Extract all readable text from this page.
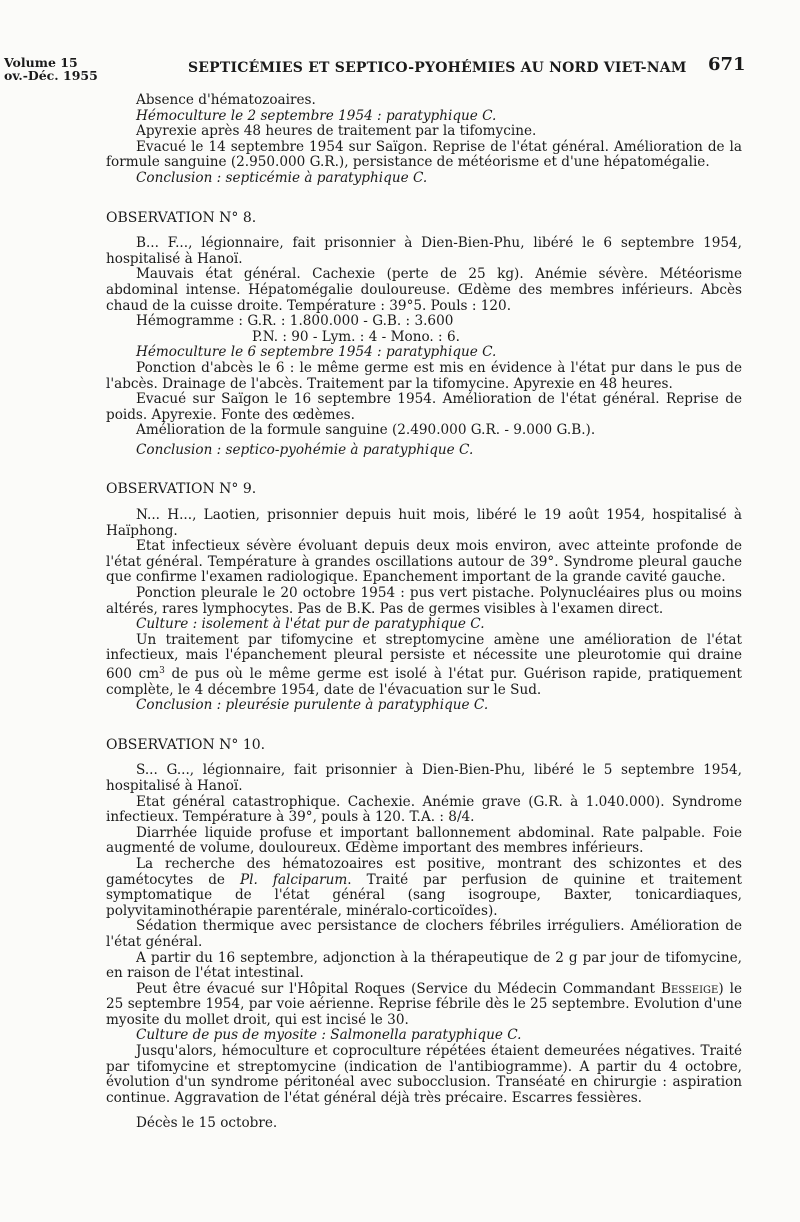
Volume 15
ov.-Déc. 1955	SEPTICÉMIES ET SEPTICO-PYOHÉMIES AU NORD VIET-NAM 671

Absence d'hématozoaires.

Hémoculture le 2 septembre 1954 : paratyphique C.

Apyrexie après 48 heures de traitement par la tifomycine.

Evacué le 14 septembre 1954 sur Saïgon. Reprise de l'état général. Amélioration de la formule sanguine (2.950.000 G.R.), persistance de météorisme et d'une hépatomégalie.

Conclusion : septicémie à paratyphique C.

OBSERVATION N° 8.

B... F..., légionnaire, fait prisonnier à Dien-Bien-Phu, libéré le 6 septembre 1954, hospitalisé à Hanoï.

Mauvais état général. Cachexie (perte de 25 kg). Anémie sévère. Météorisme abdominal intense. Hépatomégalie douloureuse. Œdème des membres inférieurs. Abcès chaud de la cuisse droite. Température : 39°5. Pouls : 120.

Hémogramme : G.R. : 1.800.000 - G.B. : 3.600

P.N. : 90 - Lym. : 4 - Mono. : 6.

Hémoculture le 6 septembre 1954 : paratyphique C.

Ponction d'abcès le 6 : le même germe est mis en évidence à l'état pur dans le pus de l'abcès. Drainage de l'abcès. Traitement par la tifomycine. Apyrexie en 48 heures.

Evacué sur Saïgon le 16 septembre 1954. Amélioration de l'état général. Reprise de poids. Apyrexie. Fonte des œdèmes.

Amélioration de la formule sanguine (2.490.000 G.R. - 9.000 G.B.).

Conclusion : septico-pyohémie à paratyphique C.

OBSERVATION N° 9.

N... H..., Laotien, prisonnier depuis huit mois, libéré le 19 août 1954, hospitalisé à Haïphong.

Etat infectieux sévère évoluant depuis deux mois environ, avec atteinte profonde de l'état général. Température à grandes oscillations autour de 39°. Syndrome pleural gauche que confirme l'examen radiologique. Epanchement important de la grande cavité gauche.

Ponction pleurale le 20 octobre 1954 : pus vert pistache. Polynucléaires plus ou moins altérés, rares lymphocytes. Pas de B.K. Pas de germes visibles à l'examen direct.

Culture : isolement à l'état pur de paratyphique C.

Un traitement par tifomycine et streptomycine amène une amélioration de l'état infectieux, mais l'épanchement pleural persiste et nécessite une pleurotomie qui draine 600 $cm^3$ de pus où le même germe est isolé à l'état pur. Guérison rapide, pratiquement complète, le 4 décembre 1954, date de l'évacuation sur le Sud.

Conclusion : pleurésie purulente à paratyphique C.

OBSERVATION N° 10.

S... G..., légionnaire, fait prisonnier à Dien-Bien-Phu, libéré le 5 septembre 1954, hospitalisé à Hanoï.

Etat général catastrophique. Cachexie. Anémie grave (G.R. à 1.040.000). Syndrome infectieux. Température à 39°, pouls à 120. T.A. : 8/4.

Diarrhée liquide profuse et important ballonnement abdominal. Rate palpable. Foie augmenté de volume, douloureux. Œdème important des membres inférieurs.

La recherche des hématozoaires est positive, montrant des schizontes et des gamétocytes de Pl. falciparum. Traité par perfusion de quinine et traitement symptomatique de l'état général (sang isogroupe, Baxter, tonicardiaques, polyvitaminothérapie parentérale, minéralo-corticoïdes).

Sédation thermique avec persistance de clochers fébriles irréguliers. Amélioration de l'état général.

A partir du 16 septembre, adjonction à la thérapeutique de 2 g par jour de tifomycine, en raison de l'état intestinal.

Peut être évacué sur l'Hôpital Roques (Service du Médecin Commandant Besseige) le 25 septembre 1954, par voie aérienne. Reprise fébrile dès le 25 septembre. Evolution d'une myosite du mollet droit, qui est incisé le 30.

Culture de pus de myosite : Salmonella paratyphique C.

Jusqu'alors, hémoculture et coproculture répétées étaient demeurées négatives. Traité par tifomycine et streptomycine (indication de l'antibiogramme). A partir du 4 octobre, évolution d'un syndrome péritonéal avec subocclusion. Transéaté en chirurgie : aspiration continue. Aggravation de l'état général déjà très précaire. Escarres fessières.

Décès le 15 octobre.
